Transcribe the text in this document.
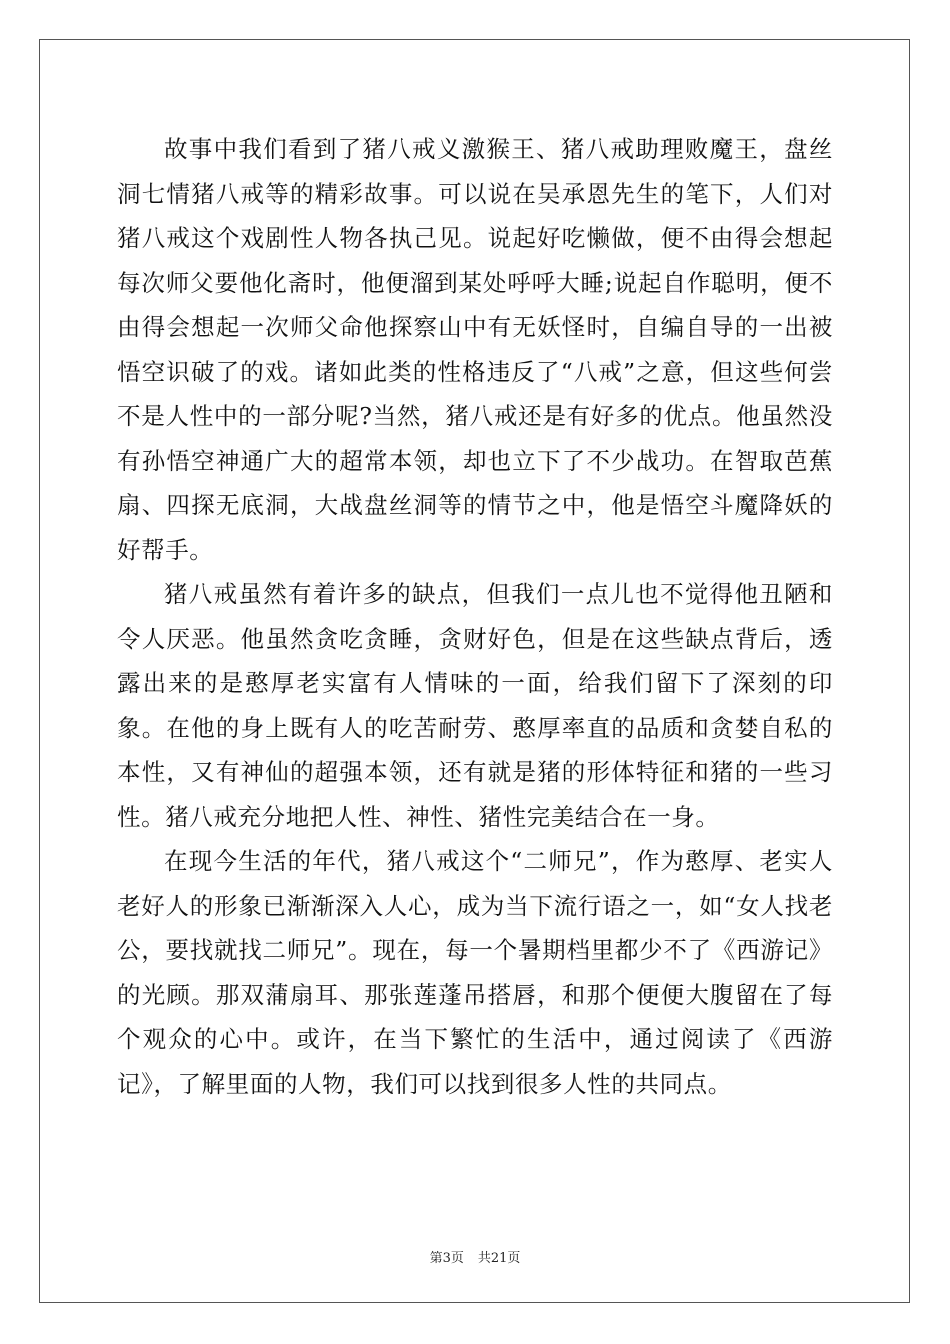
故事中我们看到了猪八戒义激猴王、猪八戒助理败魔王，盘丝洞七情猪八戒等的精彩故事。可以说在吴承恩先生的笔下，人们对猪八戒这个戏剧性人物各执己见。说起好吃懒做，便不由得会想起每次师父要他化斋时，他便溜到某处呼呼大睡;说起自作聪明，便不由得会想起一次师父命他探察山中有无妖怪时，自编自导的一出被悟空识破了的戏。诸如此类的性格违反了“八戒”之意，但这些何尝不是人性中的一部分呢?当然，猪八戒还是有好多的优点。他虽然没有孙悟空神通广大的超常本领，却也立下了不少战功。在智取芭蕉扇、四探无底洞，大战盘丝洞等的情节之中，他是悟空斗魔降妖的好帮手。

猪八戒虽然有着许多的缺点，但我们一点儿也不觉得他丑陋和令人厌恶。他虽然贪吃贪睡，贪财好色，但是在这些缺点背后，透露出来的是憨厚老实富有人情味的一面，给我们留下了深刻的印象。在他的身上既有人的吃苦耐劳、憨厚率直的品质和贪婪自私的本性，又有神仙的超强本领，还有就是猪的形体特征和猪的一些习性。猪八戒充分地把人性、神性、猪性完美结合在一身。

在现今生活的年代，猪八戒这个“二师兄”，作为憨厚、老实人老好人的形象已渐渐深入人心，成为当下流行语之一，如“女人找老公，要找就找二师兄”。现在，每一个暑期档里都少不了《西游记》的光顾。那双蒲扇耳、那张莲蓬吊搭唇，和那个便便大腹留在了每个观众的心中。或许，在当下繁忙的生活中，通过阅读了《西游记》，了解里面的人物，我们可以找到很多人性的共同点。

第3页 共21页
